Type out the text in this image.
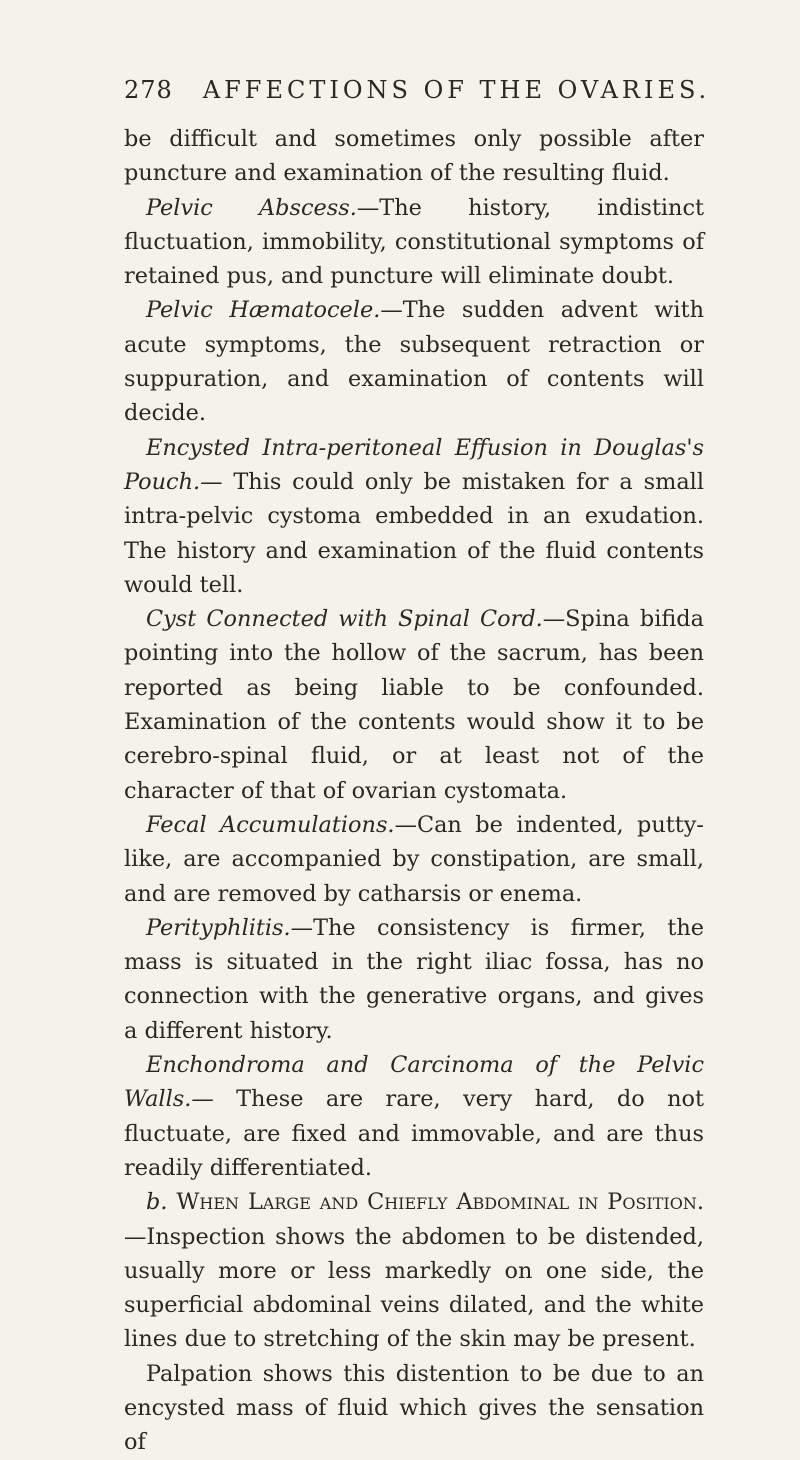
278 AFFECTIONS OF THE OVARIES.

be difficult and sometimes only possible after puncture and examination of the resulting fluid.

Pelvic Abscess.—The history, indistinct fluctuation, immobility, constitutional symptoms of retained pus, and puncture will eliminate doubt.

Pelvic Hæmatocele.—The sudden advent with acute symptoms, the subsequent retraction or suppuration, and examination of contents will decide.

Encysted Intra-peritoneal Effusion in Douglas's Pouch.— This could only be mistaken for a small intra-pelvic cystoma embedded in an exudation. The history and examination of the fluid contents would tell.

Cyst Connected with Spinal Cord.—Spina bifida pointing into the hollow of the sacrum, has been reported as being liable to be confounded. Examination of the contents would show it to be cerebro-spinal fluid, or at least not of the character of that of ovarian cystomata.

Fecal Accumulations.—Can be indented, putty-like, are accompanied by constipation, are small, and are removed by catharsis or enema.

Perityphlitis.—The consistency is firmer, the mass is situated in the right iliac fossa, has no connection with the generative organs, and gives a different history.

Enchondroma and Carcinoma of the Pelvic Walls.— These are rare, very hard, do not fluctuate, are fixed and immovable, and are thus readily differentiated.

b. When Large and Chiefly Abdominal in Position. —Inspection shows the abdomen to be distended, usually more or less markedly on one side, the superficial abdominal veins dilated, and the white lines due to stretching of the skin may be present.

Palpation shows this distention to be due to an encysted mass of fluid which gives the sensation of
